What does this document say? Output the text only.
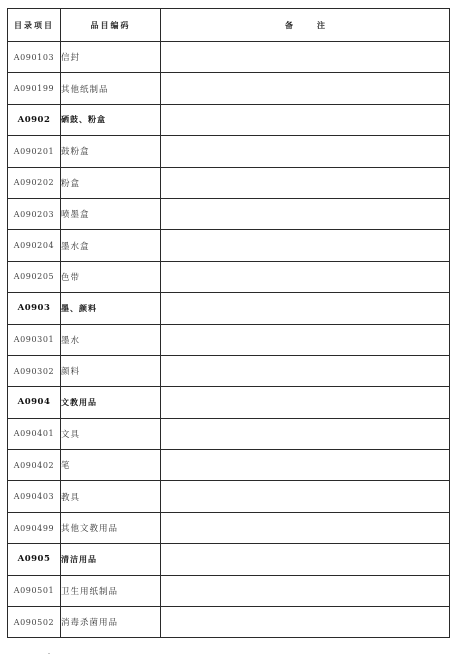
目录项目	品目编码	备注
A090103	信封	
A090199	其他纸制品	
A0902	硒鼓、粉盒	
A090201	鼓粉盒	
A090202	粉盒	
A090203	喷墨盒	
A090204	墨水盒	
A090205	色带	
A0903	墨、颜料	
A090301	墨水	
A090302	颜料	
A0904	文教用品	
A090401	文具	
A090402	笔	
A090403	教具	
A090499	其他文教用品	
A0905	清洁用品	
A090501	卫生用纸制品	
A090502	消毒杀菌用品	
-
